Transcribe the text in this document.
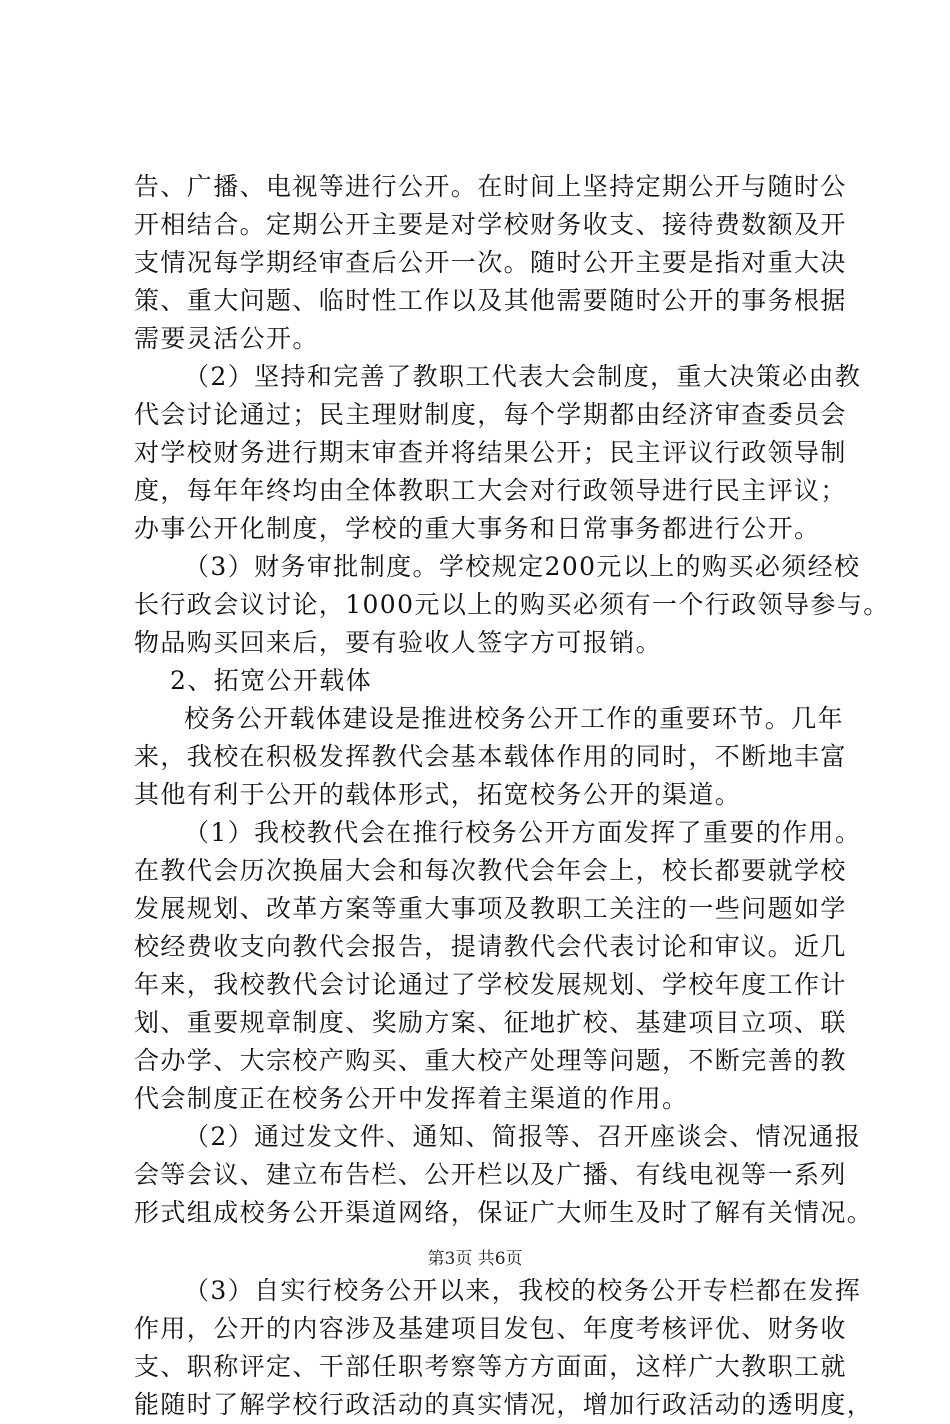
告、广播、电视等进行公开。在时间上坚持定期公开与随时公
开相结合。定期公开主要是对学校财务收支、接待费数额及开
支情况每学期经审查后公开一次。随时公开主要是指对重大决
策、重大问题、临时性工作以及其他需要随时公开的事务根据
需要灵活公开。
（2）坚持和完善了教职工代表大会制度，重大决策必由教
代会讨论通过；民主理财制度，每个学期都由经济审查委员会
对学校财务进行期末审查并将结果公开；民主评议行政领导制
度，每年年终均由全体教职工大会对行政领导进行民主评议；
办事公开化制度，学校的重大事务和日常事务都进行公开。
（3）财务审批制度。学校规定200元以上的购买必须经校
长行政会议讨论，1000元以上的购买必须有一个行政领导参与。
物品购买回来后，要有验收人签字方可报销。
2、拓宽公开载体
校务公开载体建设是推进校务公开工作的重要环节。几年
来，我校在积极发挥教代会基本载体作用的同时，不断地丰富
其他有利于公开的载体形式，拓宽校务公开的渠道。
（1）我校教代会在推行校务公开方面发挥了重要的作用。
在教代会历次换届大会和每次教代会年会上，校长都要就学校
发展规划、改革方案等重大事项及教职工关注的一些问题如学
校经费收支向教代会报告，提请教代会代表讨论和审议。近几
年来，我校教代会讨论通过了学校发展规划、学校年度工作计
划、重要规章制度、奖励方案、征地扩校、基建项目立项、联
合办学、大宗校产购买、重大校产处理等问题，不断完善的教
代会制度正在校务公开中发挥着主渠道的作用。
（2）通过发文件、通知、简报等、召开座谈会、情况通报
会等会议、建立布告栏、公开栏以及广播、有线电视等一系列
形式组成校务公开渠道网络，保证广大师生及时了解有关情况。
（3）自实行校务公开以来，我校的校务公开专栏都在发挥
作用，公开的内容涉及基建项目发包、年度考核评优、财务收
支、职称评定、干部任职考察等方方面面，这样广大教职工就
能随时了解学校行政活动的真实情况，增加行政活动的透明度，
第3页 共6页
